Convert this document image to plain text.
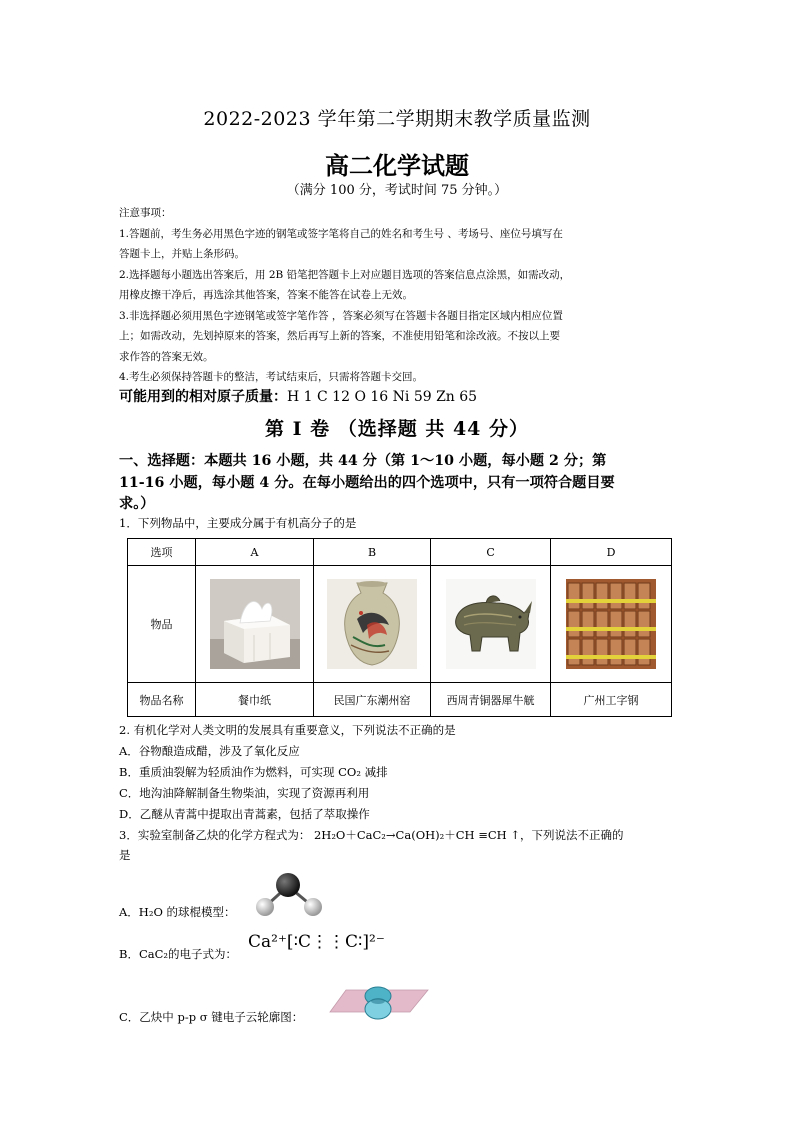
2022-2023 学年第二学期期末教学质量监测
高二化学试题
（满分 100 分，考试时间 75 分钟。）

注意事项：

1.答题前，考生务必用黑色字迹的钢笔或签字笔将自己的姓名和考生号 、考场号、座位号填写在

答题卡上，并贴上条形码。

2.选择题每小题选出答案后，用 2B 铅笔把答题卡上对应题目选项的答案信息点涂黑，如需改动，

用橡皮擦干净后，再选涂其他答案，答案不能答在试卷上无效。

3.非选择题必须用黑色字迹钢笔或签字笔作答 ，答案必须写在答题卡各题目指定区域内相应位置

上；如需改动，先划掉原来的答案，然后再写上新的答案，不准使用铅笔和涂改液。不按以上要

求作答的答案无效。

4.考生必须保持答题卡的整洁，考试结束后，只需将答题卡交回。

可能用到的相对原子质量：H 1 C 12 O 16 Ni 59 Zn 65
第 I 卷 （选择题 共 44 分）
一、选择题：本题共 16 小题，共 44 分（第 1～10 小题，每小题 2 分；第
11-16 小题，每小题 4 分。在每小题给出的四个选项中，只有一项符合题目要
求。）
1．下列物品中，主要成分属于有机高分子的是
选项	A	B	C	D
物品	

物品名称	餐巾纸	民国广东潮州窑	西周青铜器犀牛觥	广州工字钢
2. 有机化学对人类文明的发展具有重要意义，下列说法不正确的是
A．谷物酿造成醋，涉及了氧化反应
B．重质油裂解为轻质油作为燃料，可实现 CO₂ 减排
C．地沟油降解制备生物柴油，实现了资源再利用
D．乙醚从青蒿中提取出青蒿素，包括了萃取操作
3．实验室制备乙炔的化学方程式为： 2H₂O＋CaC₂→Ca(OH)₂＋CH ≡CH ↑，下列说法不正确的
是
A．H₂O 的球棍模型：
B．CaC₂的电子式为：
Ca²⁺[∶C⋮⋮C∶]²⁻
C．乙炔中 p-p σ 键电子云轮廓图：
